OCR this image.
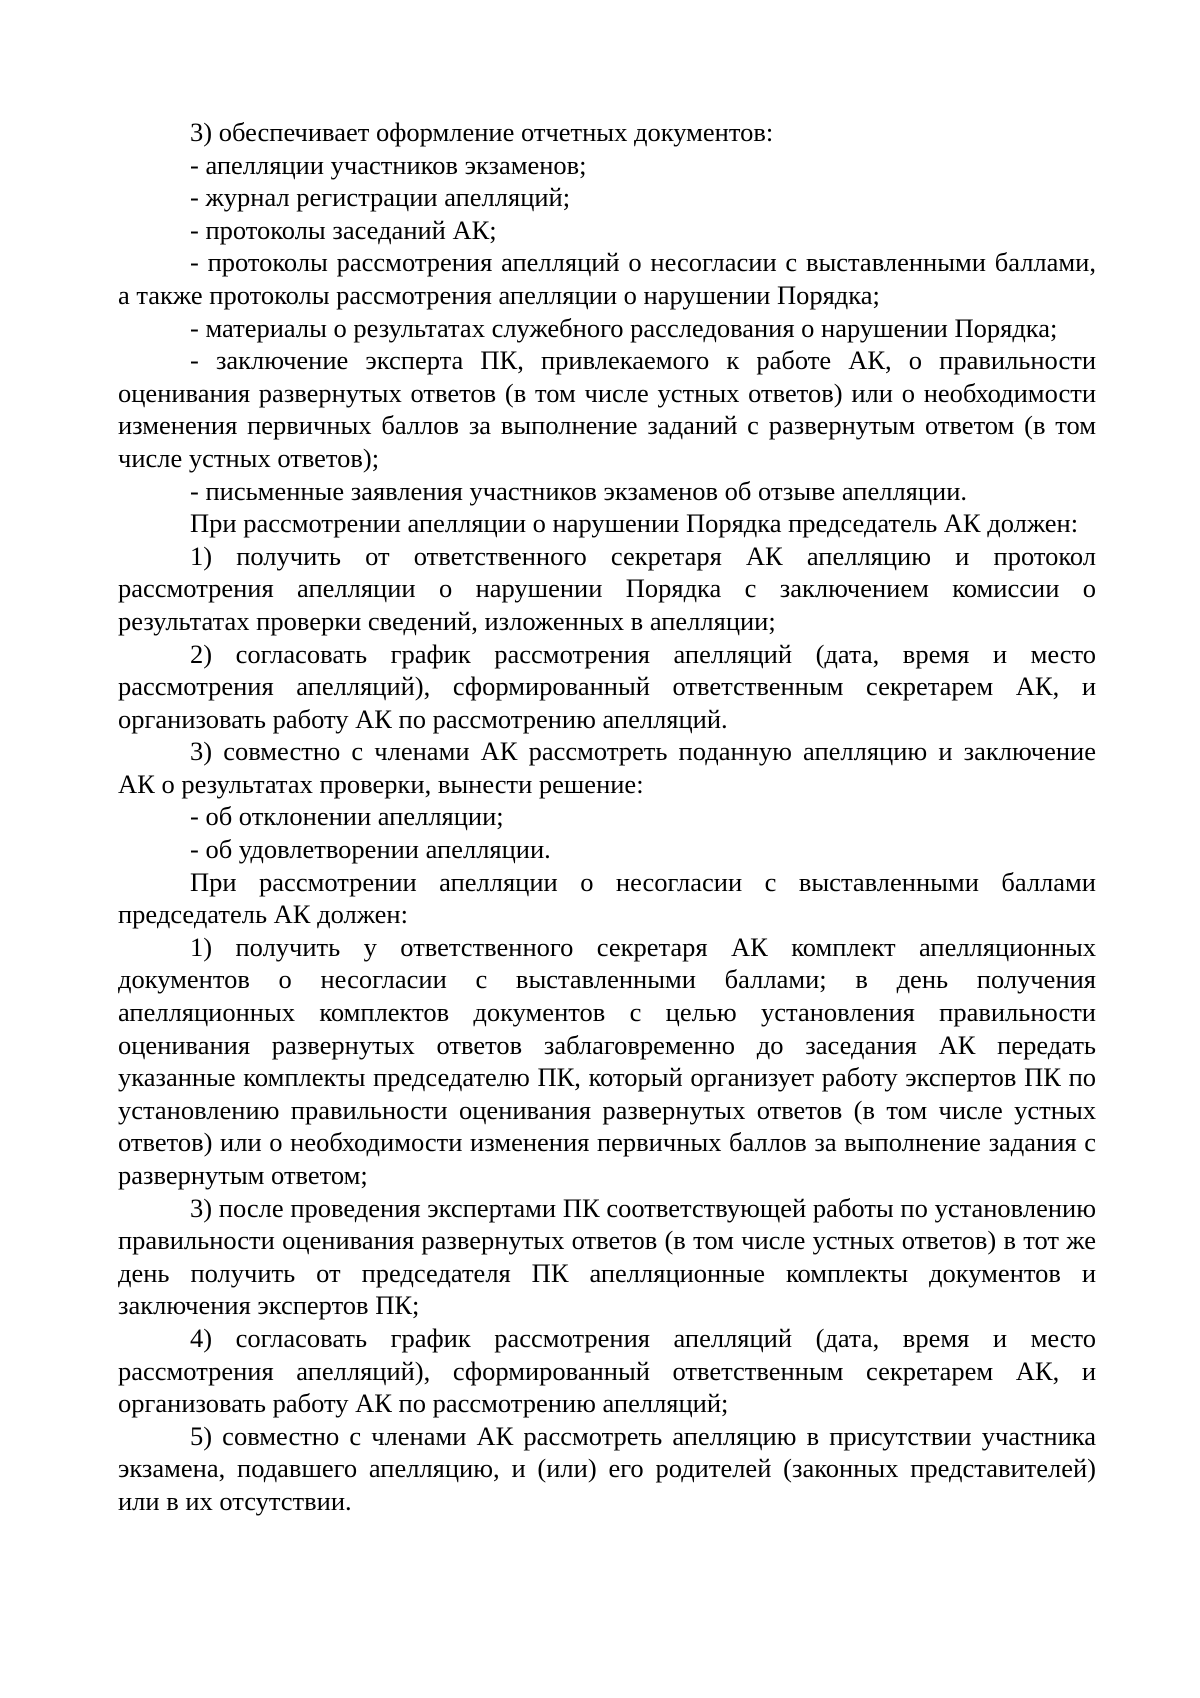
3) обеспечивает оформление отчетных документов:

- апелляции участников экзаменов;

- журнал регистрации апелляций;

- протоколы заседаний АК;

- протоколы рассмотрения апелляций о несогласии с выставленными баллами, а также протоколы рассмотрения апелляции о нарушении Порядка;

- материалы о результатах служебного расследования о нарушении Порядка;

- заключение эксперта ПК, привлекаемого к работе АК, о правильности оценивания развернутых ответов (в том числе устных ответов) или о необходимости изменения первичных баллов за выполнение заданий с развернутым ответом (в том числе устных ответов);

- письменные заявления участников экзаменов об отзыве апелляции.

При рассмотрении апелляции о нарушении Порядка председатель АК должен:

1) получить от ответственного секретаря АК апелляцию и протокол рассмотрения апелляции о нарушении Порядка с заключением комиссии о результатах проверки сведений, изложенных в апелляции;

2) согласовать график рассмотрения апелляций (дата, время и место рассмотрения апелляций), сформированный ответственным секретарем АК, и организовать работу АК по рассмотрению апелляций.

3) совместно с членами АК рассмотреть поданную апелляцию и заключение АК о результатах проверки, вынести решение:

- об отклонении апелляции;

- об удовлетворении апелляции.

При рассмотрении апелляции о несогласии с выставленными баллами председатель АК должен:

1) получить у ответственного секретаря АК комплект апелляционных документов о несогласии с выставленными баллами; в день получения апелляционных комплектов документов с целью установления правильности оценивания развернутых ответов заблаговременно до заседания АК передать указанные комплекты председателю ПК, который организует работу экспертов ПК по установлению правильности оценивания развернутых ответов (в том числе устных ответов) или о необходимости изменения первичных баллов за выполнение задания с развернутым ответом;

3) после проведения экспертами ПК соответствующей работы по установлению правильности оценивания развернутых ответов (в том числе устных ответов) в тот же день получить от председателя ПК апелляционные комплекты документов и заключения экспертов ПК;

4) согласовать график рассмотрения апелляций (дата, время и место рассмотрения апелляций), сформированный ответственным секретарем АК, и организовать работу АК по рассмотрению апелляций;

5) совместно с членами АК рассмотреть апелляцию в присутствии участника экзамена, подавшего апелляцию, и (или) его родителей (законных представителей) или в их отсутствии.
